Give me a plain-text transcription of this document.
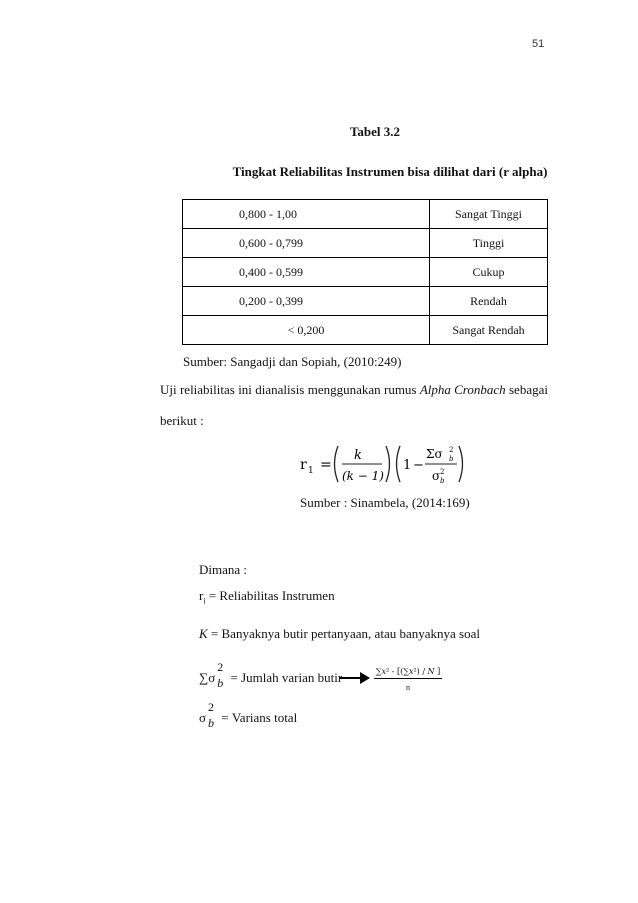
51
Tabel 3.2
Tingkat Reliabilitas Instrumen bisa dilihat dari (r alpha)
0,800 - 1,00	Sangat Tinggi
0,600 - 0,799	Tinggi
0,400 - 0,599	Cukup
0,200 - 0,399	Rendah
< 0,200	Sangat Rendah
Sumber: Sangadji dan Sopiah, (2010:249)
Uji reliabilitas ini dianalisis menggunakan rumus Alpha Cronbach sebagai
berikut :
r 1 =
k
(k − 1)
1 −
Σσ 2
b
σ 2
b
Sumber : Sinambela, (2014:169)
Dimana :
$r_i$ = Reliabilitas Instrumen
K = Banyaknya butir pertanyaan, atau banyaknya soal
∑σ
2
b = Jumlah varian butir	∑𝑥² - [(∑𝑥²) / 𝑁 ]
n
σ
2
b = Varians total
